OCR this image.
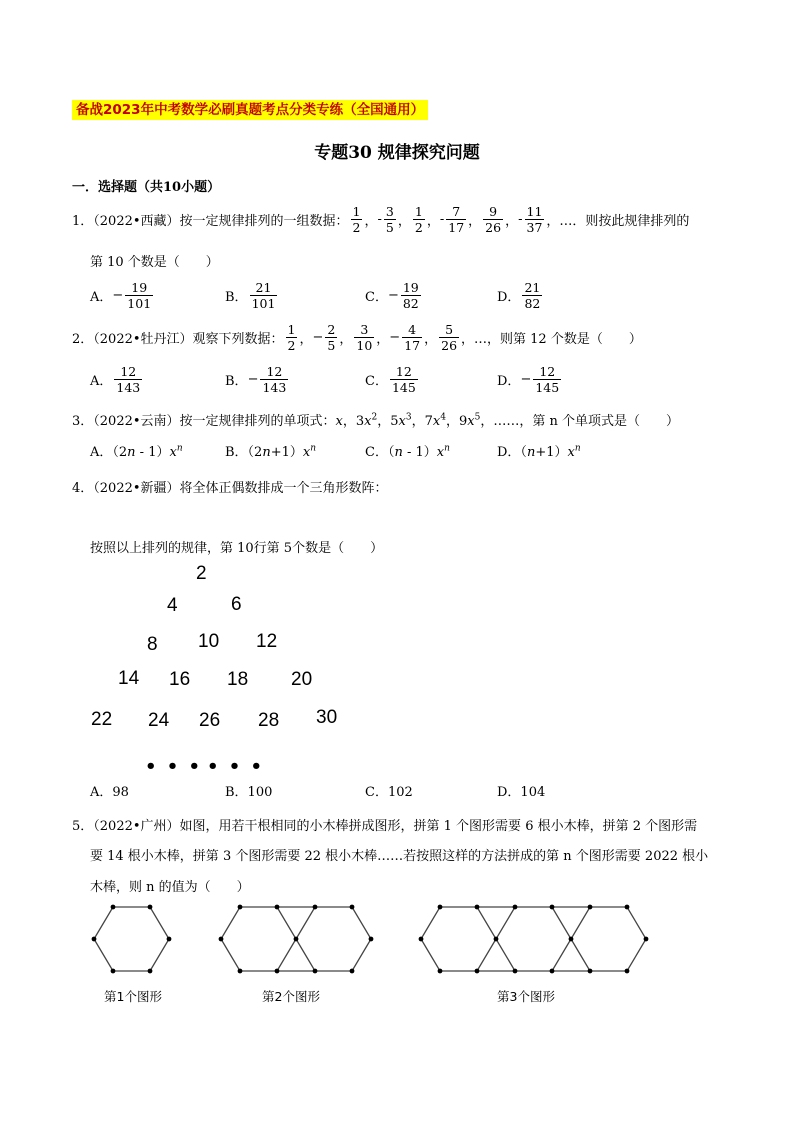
备战2023年中考数学必刷真题考点分类专练（全国通用）
专题30 规律探究问题
一．选择题（共10小题）
1．（2022•西藏）按一定规律排列的一组数据： $\frac{1}{2}$ ， - $\frac{3}{5}$ ， $\frac{1}{2}$ ， - $\frac{7}{17}$ ， $\frac{9}{26}$ ， - $\frac{11}{37}$ ，…．则按此规律排列的
第 10 个数是（　　）
A． − $\frac{19}{101}$	B． $\frac{21}{101}$	C． − $\frac{19}{82}$	D． $\frac{21}{82}$
2．（2022•牡丹江）观察下列数据： $\frac{1}{2}$ ， − $\frac{2}{5}$ ， $\frac{3}{10}$ ， − $\frac{4}{17}$ ， $\frac{5}{26}$ ，…，则第 12 个数是（　　）
A． $\frac{12}{143}$	B． − $\frac{12}{143}$	C． $\frac{12}{145}$	D． − $\frac{12}{145}$
3．（2022•云南）按一定规律排列的单项式：x，$3x^2$，$5x^3$，$7x^4$，$9x^5$，……，第 n 个单项式是（　　）
A．$(2n - 1)x^n$	B．$(2n+1)x^n$	C．$(n - 1)x^n$	D．$(n+1)x^n$
4．（2022•新疆）将全体正偶数排成一个三角形数阵：
按照以上排列的规律，第 10行第 5个数是（　　）
2
4	6
8 10 12
14 16 18 20
22 24 26 28 30
• • • • • •
A．98	B．100	C．102	D．104
5．（2022•广州）如图，用若干根相同的小木棒拼成图形，拼第 1 个图形需要 6 根小木棒，拼第 2 个图形需
要 14 根小木棒，拼第 3 个图形需要 22 根小木棒……若按照这样的方法拼成的第 n 个图形需要 2022 根小
木棒，则 n 的值为（　　）
第1个图形	第2个图形	第3个图形
